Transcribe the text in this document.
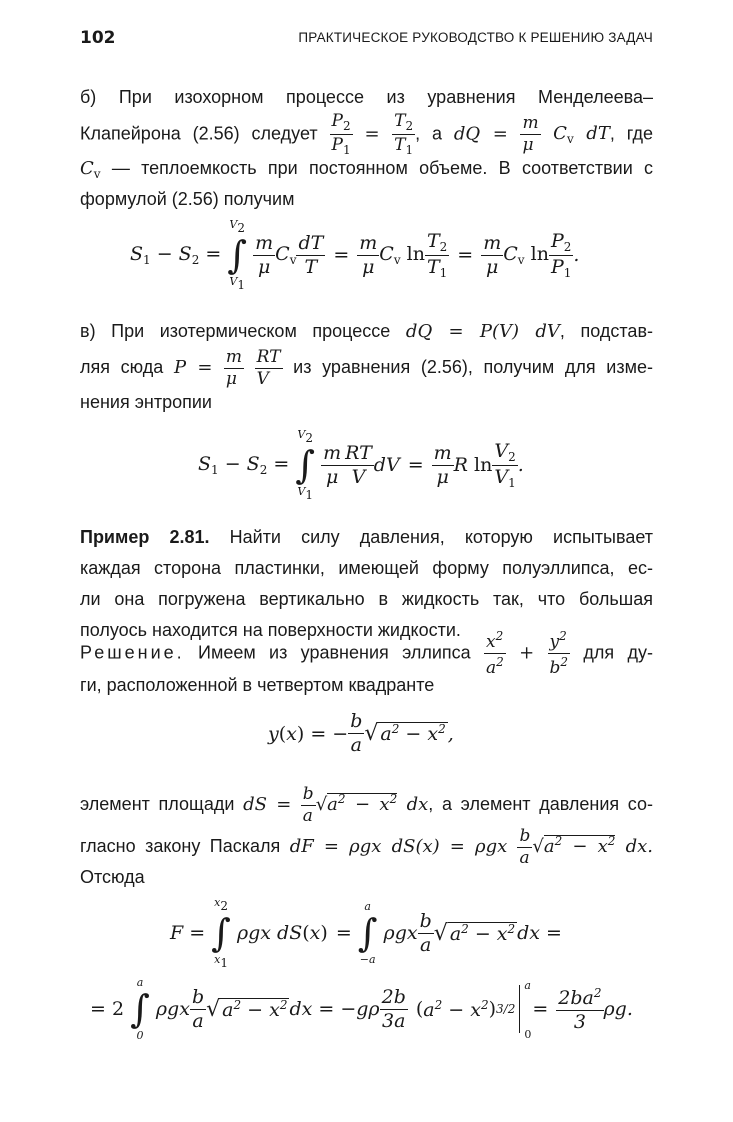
102	ПРАКТИЧЕСКОЕ РУКОВОДСТВО К РЕШЕНИЮ ЗАДАЧ
б) При изохорном процессе из уравнения Менделеева–
Клапейрона (2.56) следует $\frac{P_2}{P_1} = \frac{T_2}{T_1}$ , а dQ = $\frac{m}{\mu} C_v$ dT, где
$C_v$ — теплоемкость при постоянном объеме. В соответствии с
формулой (2.56) получим
$S_1 - S_2$ =
V2
∫
V1
$\frac{m}{\mu} C_v \frac{dT}{T} = \frac{m}{\mu} C_v$ $\ln \frac{T_2}{T_1} = \frac{m}{\mu} C_v$ $\ln \frac{P_2}{P_1}$ .
в) При изотермическом процессе dQ = P(V) dV, подстав-
ляя сюда $P = \frac{m}{\mu}$
$\frac{RT}{V}$ из уравнения (2.56), получим для изме-
нения энтропии
$S_1 - S_2$ =
V2
∫
V1
$\frac{m}{\mu} \frac{RT}{V}$ dV = $\frac{m}{\mu}$ R $\ln \frac{V_2}{V_1}$ .
Пример 2.81. Найти силу давления, которую испытывает
каждая сторона пластинки, имеющей форму полуэллипса, ес-
ли она погружена вертикально в жидкость так, что большая
полуось находится на поверхности жидкости.
Решение. Имеем из уравнения эллипса $\frac{x^2}{a^2} + \frac{y^2}{b^2}$ для ду-
ги, расположенной в четвертом квадранте
y ( x ) = − $\frac{b}{a}$ √ $a^2 - x^2$ ,
элемент площади dS = $\frac{b}{a} √a^2 - x^2$ dx, а элемент давления со-
гласно закону Паскаля dF = ρgx dS(x) = ρgx $\frac{b}{a} √a^2 - x^2$ dx.
Отсюда
F =
x2
∫
x1
ρgx dS ( x ) =
a
∫
−a
ρgx $\frac{b}{a}$ √ $a^2 - x^2$ dx =
= 2
a
∫
0
ρgx $\frac{b}{a}$ √ $a^2 - x^2$ dx = $-g\rho \frac{2b}{3a}$ ( $a^2 - x^2$ ) 3/2
a
0
= $\frac{2ba^2}{3} \rho g$.
